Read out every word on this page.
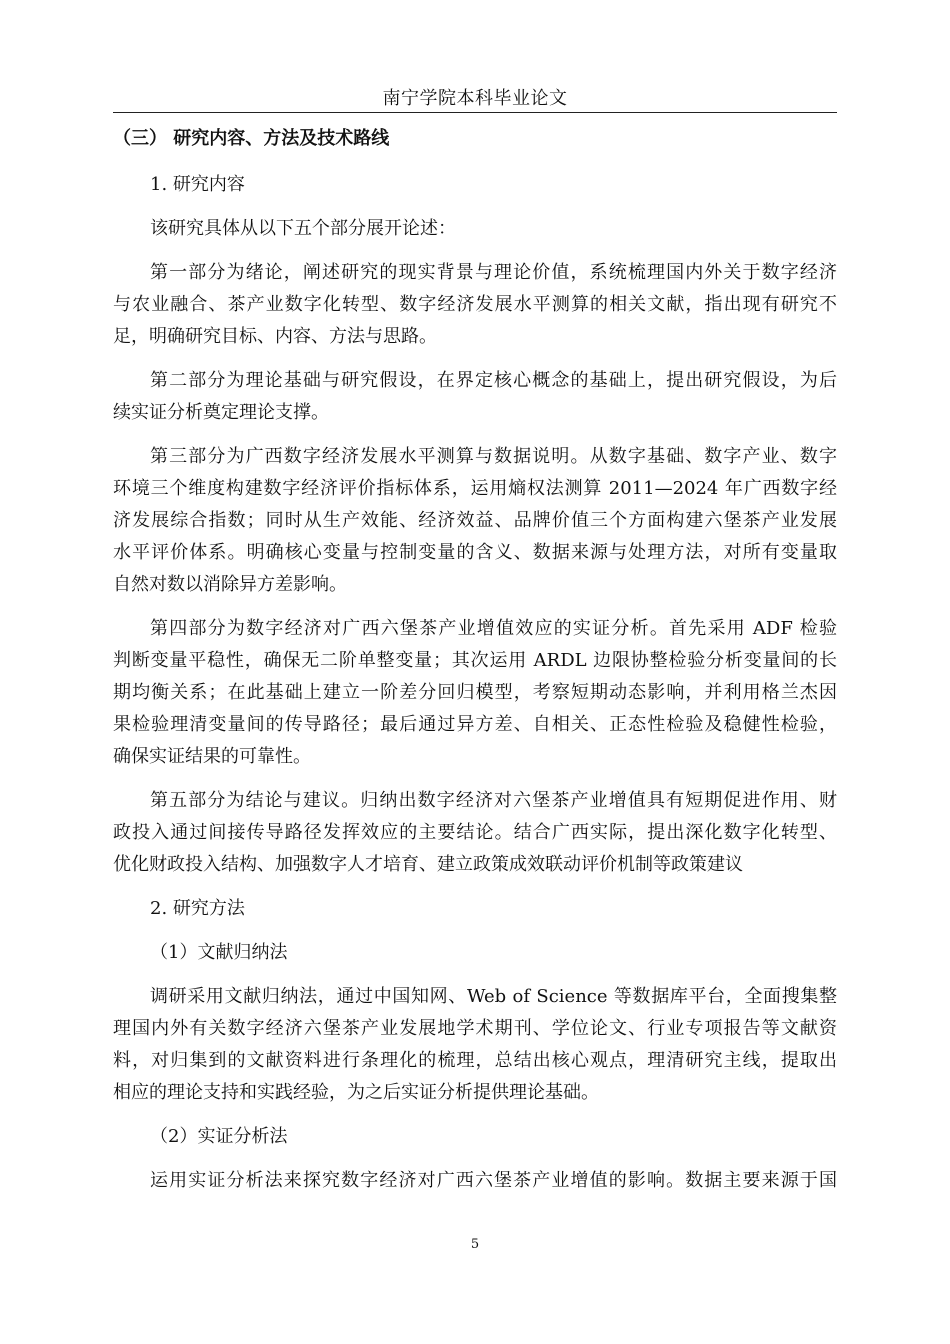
南宁学院本科毕业论文
（三） 研究内容、方法及技术路线
1. 研究内容
该研究具体从以下五个部分展开论述：
第一部分为绪论，阐述研究的现实背景与理论价值，系统梳理国内外关于数字经济
与农业融合、茶产业数字化转型、数字经济发展水平测算的相关文献，指出现有研究不
足，明确研究目标、内容、方法与思路。
第二部分为理论基础与研究假设，在界定核心概念的基础上，提出研究假设，为后
续实证分析奠定理论支撑。
第三部分为广西数字经济发展水平测算与数据说明。从数字基础、数字产业、数字
环境三个维度构建数字经济评价指标体系，运用熵权法测算 2011—2024 年广西数字经
济发展综合指数；同时从生产效能、经济效益、品牌价值三个方面构建六堡茶产业发展
水平评价体系。明确核心变量与控制变量的含义、数据来源与处理方法，对所有变量取
自然对数以消除异方差影响。
第四部分为数字经济对广西六堡茶产业增值效应的实证分析。首先采用 ADF 检验
判断变量平稳性，确保无二阶单整变量；其次运用 ARDL 边限协整检验分析变量间的长
期均衡关系；在此基础上建立一阶差分回归模型，考察短期动态影响，并利用格兰杰因
果检验理清变量间的传导路径；最后通过异方差、自相关、正态性检验及稳健性检验，
确保实证结果的可靠性。
第五部分为结论与建议。归纳出数字经济对六堡茶产业增值具有短期促进作用、财
政投入通过间接传导路径发挥效应的主要结论。结合广西实际，提出深化数字化转型、
优化财政投入结构、加强数字人才培育、建立政策成效联动评价机制等政策建议
2. 研究方法
（1）文献归纳法
调研采用文献归纳法，通过中国知网、Web of Science 等数据库平台，全面搜集整
理国内外有关数字经济六堡茶产业发展地学术期刊、学位论文、行业专项报告等文献资
料，对归集到的文献资料进行条理化的梳理，总结出核心观点，理清研究主线，提取出
相应的理论支持和实践经验，为之后实证分析提供理论基础。
（2）实证分析法
运用实证分析法来探究数字经济对广西六堡茶产业增值的影响。数据主要来源于国
5
